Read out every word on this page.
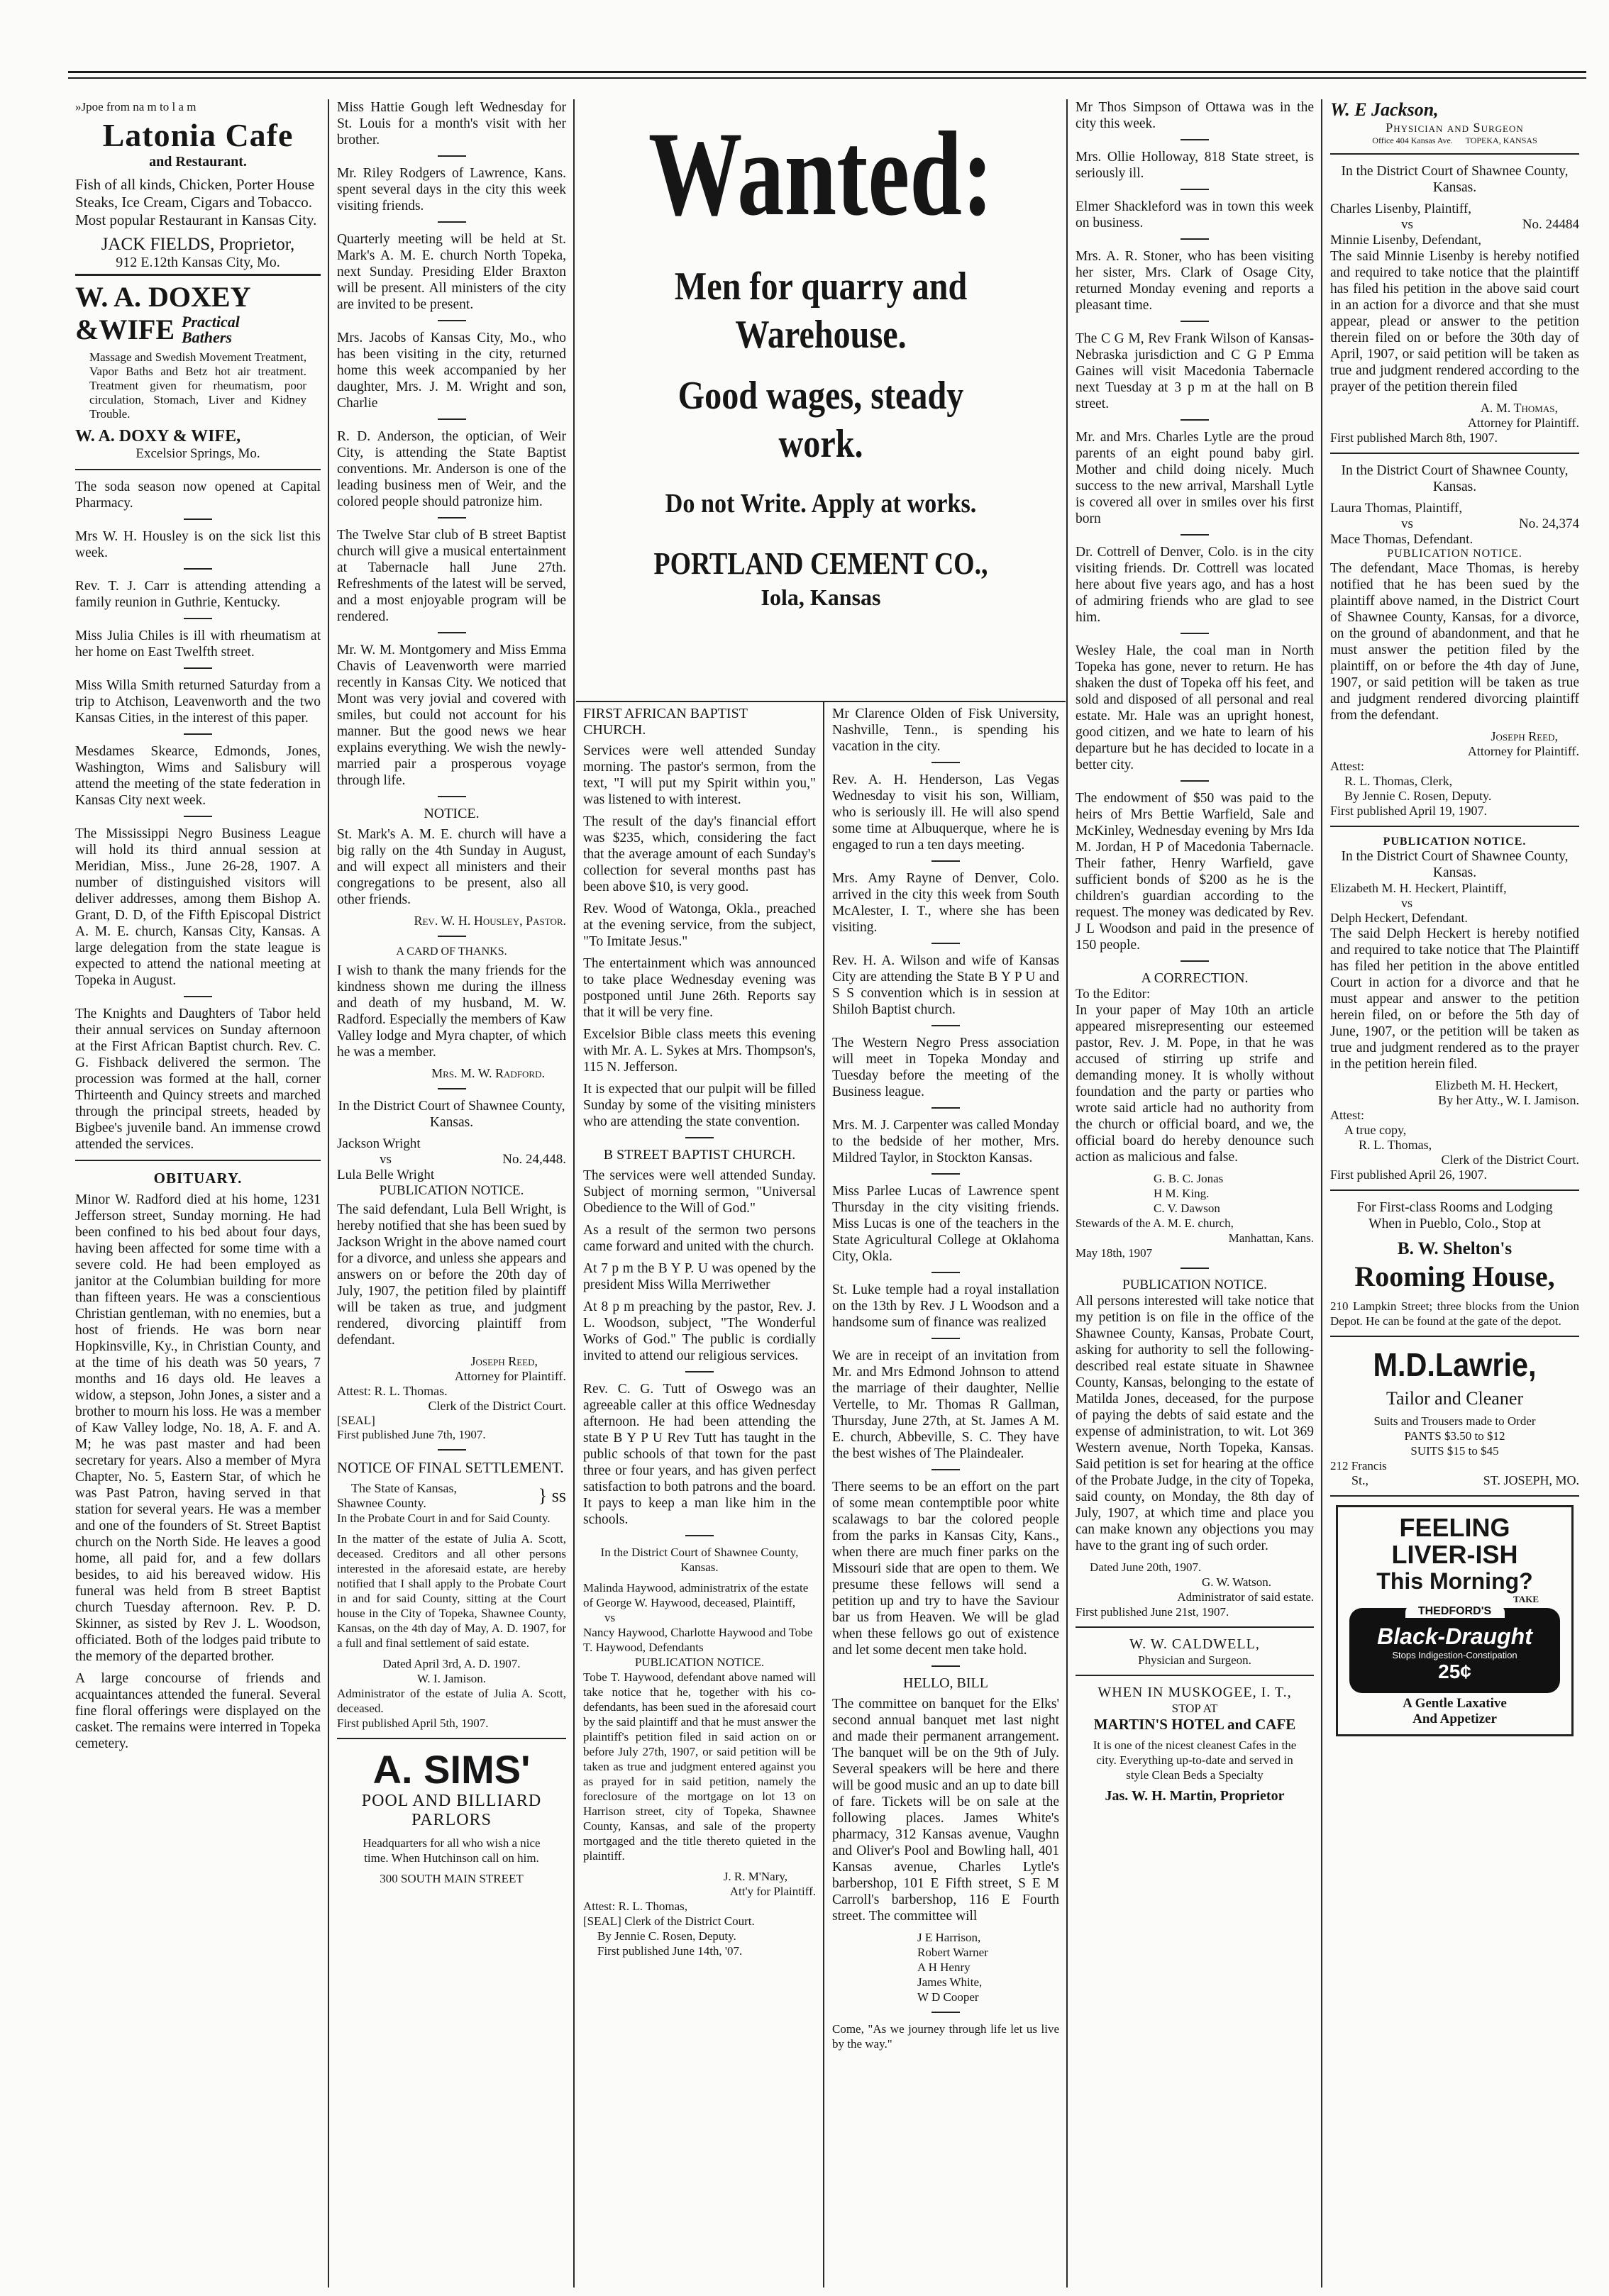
»Jpoe from na m to l a m

Latonia Cafe
and Restaurant.

Fish of all kinds, Chicken, Porter House Steaks, Ice Cream, Cigars and Tobacco. Most popular Restaurant in Kansas City.

JACK FIELDS, Proprietor,
912 E.12th Kansas City, Mo.
W. A. DOXEY
&WIFE Practical Bathers

Massage and Swedish Movement Treatment, Vapor Baths and Betz hot air treatment. Treatment given for rheumatism, poor circulation, Stomach, Liver and Kidney Trouble.

W. A. DOXY & WIFE,
Excelsior Springs, Mo.

The soda season now opened at Capital Pharmacy.

Mrs W. H. Housley is on the sick list this week.

Rev. T. J. Carr is attending attending a family reunion in Guthrie, Kentucky.

Miss Julia Chiles is ill with rheumatism at her home on East Twelfth street.

Miss Willa Smith returned Saturday from a trip to Atchison, Leavenworth and the two Kansas Cities, in the interest of this paper.

Mesdames Skearce, Edmonds, Jones, Washington, Wims and Salisbury will attend the meeting of the state federation in Kansas City next week.

The Mississippi Negro Business League will hold its third annual session at Meridian, Miss., June 26-28, 1907. A number of distinguished visitors will deliver addresses, among them Bishop A. Grant, D. D, of the Fifth Episcopal District A. M. E. church, Kansas City, Kansas. A large delegation from the state league is expected to attend the national meeting at Topeka in August.

The Knights and Daughters of Tabor held their annual services on Sunday afternoon at the First African Baptist church. Rev. C. G. Fishback delivered the sermon. The procession was formed at the hall, corner Thirteenth and Quincy streets and marched through the principal streets, headed by Bigbee's juvenile band. An immense crowd attended the services.

OBITUARY.

Minor W. Radford died at his home, 1231 Jefferson street, Sunday morning. He had been confined to his bed about four days, having been affected for some time with a severe cold. He had been employed as janitor at the Columbian building for more than fifteen years. He was a conscientious Christian gentleman, with no enemies, but a host of friends. He was born near Hopkinsville, Ky., in Christian County, and at the time of his death was 50 years, 7 months and 16 days old. He leaves a widow, a stepson, John Jones, a sister and a brother to mourn his loss. He was a member of Kaw Valley lodge, No. 18, A. F. and A. M; he was past master and had been secretary for years. Also a member of Myra Chapter, No. 5, Eastern Star, of which he was Past Patron, having served in that station for several years. He was a member and one of the founders of St. Street Baptist church on the North Side. He leaves a good home, all paid for, and a few dollars besides, to aid his bereaved widow. His funeral was held from B street Baptist church Tuesday afternoon. Rev. P. D. Skinner, as sisted by Rev J. L. Woodson, officiated. Both of the lodges paid tribute to the memory of the departed brother.

A large concourse of friends and acquaintances attended the funeral. Several fine floral offerings were displayed on the casket. The remains were interred in Topeka cemetery.

Miss Hattie Gough left Wednesday for St. Louis for a month's visit with her brother.

Mr. Riley Rodgers of Lawrence, Kans. spent several days in the city this week visiting friends.

Quarterly meeting will be held at St. Mark's A. M. E. church North Topeka, next Sunday. Presiding Elder Braxton will be present. All ministers of the city are invited to be present.

Mrs. Jacobs of Kansas City, Mo., who has been visiting in the city, returned home this week accompanied by her daughter, Mrs. J. M. Wright and son, Charlie

R. D. Anderson, the optician, of Weir City, is attending the State Baptist conventions. Mr. Anderson is one of the leading business men of Weir, and the colored people should patronize him.

The Twelve Star club of B street Baptist church will give a musical entertainment at Tabernacle hall June 27th. Refreshments of the latest will be served, and a most enjoyable program will be rendered.

Mr. W. M. Montgomery and Miss Emma Chavis of Leavenworth were married recently in Kansas City. We noticed that Mont was very jovial and covered with smiles, but could not account for his manner. But the good news we hear explains everything. We wish the newly-married pair a prosperous voyage through life.

NOTICE.

St. Mark's A. M. E. church will have a big rally on the 4th Sunday in August, and will expect all ministers and their congregations to be present, also all other friends.

Rev. W. H. Housley, Pastor.
A CARD OF THANKS.

I wish to thank the many friends for the kindness shown me during the illness and death of my husband, M. W. Radford. Especially the members of Kaw Valley lodge and Myra chapter, of which he was a member.

Mrs. M. W. Radford.

In the District Court of Shawnee County, Kansas.

Jackson Wright
vs	No. 24,448.
Lula Belle Wright
PUBLICATION NOTICE.

The said defendant, Lula Bell Wright, is hereby notified that she has been sued by Jackson Wright in the above named court for a divorce, and unless she appears and answers on or before the 20th day of July, 1907, the petition filed by plaintiff will be taken as true, and judgment rendered, divorcing plaintiff from defendant.

Joseph Reed,
Attorney for Plaintiff.
Attest: R. L. Thomas.
Clerk of the District Court.
[SEAL]
First published June 7th, 1907.
NOTICE OF FINAL SETTLEMENT.
The State of Kansas,
Shawnee County.	} ss

In the Probate Court in and for Said County.

In the matter of the estate of Julia A. Scott, deceased. Creditors and all other persons interested in the aforesaid estate, are hereby notified that I shall apply to the Probate Court in and for said County, sitting at the Court house in the City of Topeka, Shawnee County, Kansas, on the 4th day of May, A. D. 1907, for a full and final settlement of said estate.

Dated April 3rd, A. D. 1907.
W. I. Jamison.

Administrator of the estate of Julia A. Scott, deceased.

First published April 5th, 1907.
A. SIMS'
POOL AND BILLIARD
PARLORS

Headquarters for all who wish a nice time. When Hutchinson call on him.

300 SOUTH MAIN STREET
Wanted:
Men for quarry and Warehouse.
Good wages, steady work.
Do not Write. Apply at works.
PORTLAND CEMENT CO.,
Iola, Kansas
FIRST AFRICAN BAPTIST CHURCH.

Services were well attended Sunday morning. The pastor's sermon, from the text, "I will put my Spirit within you," was listened to with interest.

The result of the day's financial effort was $235, which, considering the fact that the average amount of each Sunday's collection for several months past has been above $10, is very good.

Rev. Wood of Watonga, Okla., preached at the evening service, from the subject, "To Imitate Jesus."

The entertainment which was announced to take place Wednesday evening was postponed until June 26th. Reports say that it will be very fine.

Excelsior Bible class meets this evening with Mr. A. L. Sykes at Mrs. Thompson's, 115 N. Jefferson.

It is expected that our pulpit will be filled Sunday by some of the visiting ministers who are attending the state convention.

B STREET BAPTIST CHURCH.

The services were well attended Sunday. Subject of morning sermon, "Universal Obedience to the Will of God."

As a result of the sermon two persons came forward and united with the church.

At 7 p m the B Y P. U was opened by the president Miss Willa Merriwether

At 8 p m preaching by the pastor, Rev. J. L. Woodson, subject, "The Wonderful Works of God." The public is cordially invited to attend our religious services.

Rev. C. G. Tutt of Oswego was an agreeable caller at this office Wednesday afternoon. He had been attending the state B Y P U Rev Tutt has taught in the public schools of that town for the past three or four years, and has given perfect satisfaction to both patrons and the board. It pays to keep a man like him in the schools.

In the District Court of Shawnee County, Kansas.

Malinda Haywood, administratrix of the estate of George W. Haywood, deceased, Plaintiff,

vs

Nancy Haywood, Charlotte Haywood and Tobe T. Haywood, Defendants

PUBLICATION NOTICE.

Tobe T. Haywood, defendant above named will take notice that he, together with his co-defendants, has been sued in the aforesaid court by the said plaintiff and that he must answer the plaintiff's petition filed in said action on or before July 27th, 1907, or said petition will be taken as true and judgment entered against you as prayed for in said petition, namely the foreclosure of the mortgage on lot 13 on Harrison street, city of Topeka, Shawnee County, Kansas, and sale of the property mortgaged and the title thereto quieted in the plaintiff.

J. R. M'Nary,
Att'y for Plaintiff.
Attest: R. L. Thomas,
[SEAL] Clerk of the District Court.
By Jennie C. Rosen, Deputy.
First published June 14th, '07.

Mr Clarence Olden of Fisk University, Nashville, Tenn., is spending his vacation in the city.

Rev. A. H. Henderson, Las Vegas Wednesday to visit his son, William, who is seriously ill. He will also spend some time at Albuquerque, where he is engaged to run a ten days meeting.

Mrs. Amy Rayne of Denver, Colo. arrived in the city this week from South McAlester, I. T., where she has been visiting.

Rev. H. A. Wilson and wife of Kansas City are attending the State B Y P U and S S convention which is in session at Shiloh Baptist church.

The Western Negro Press association will meet in Topeka Monday and Tuesday before the meeting of the Business league.

Mrs. M. J. Carpenter was called Monday to the bedside of her mother, Mrs. Mildred Taylor, in Stockton Kansas.

Miss Parlee Lucas of Lawrence spent Thursday in the city visiting friends. Miss Lucas is one of the teachers in the State Agricultural College at Oklahoma City, Okla.

St. Luke temple had a royal installation on the 13th by Rev. J L Woodson and a handsome sum of finance was realized

We are in receipt of an invitation from Mr. and Mrs Edmond Johnson to attend the marriage of their daughter, Nellie Vertelle, to Mr. Thomas R Gallman, Thursday, June 27th, at St. James A M. E. church, Abbeville, S. C. They have the best wishes of The Plaindealer.

There seems to be an effort on the part of some mean contemptible poor white scalawags to bar the colored people from the parks in Kansas City, Kans., when there are much finer parks on the Missouri side that are open to them. We presume these fellows will send a petition up and try to have the Saviour bar us from Heaven. We will be glad when these fellows go out of existence and let some decent men take hold.

HELLO, BILL

The committee on banquet for the Elks' second annual banquet met last night and made their permanent arrangement. The banquet will be on the 9th of July. Several speakers will be here and there will be good music and an up to date bill of fare. Tickets will be on sale at the following places. James White's pharmacy, 312 Kansas avenue, Vaughn and Oliver's Pool and Bowling hall, 401 Kansas avenue, Charles Lytle's barbershop, 101 E Fifth street, S E M Carroll's barbershop, 116 E Fourth street. The committee will

J E Harrison,
Robert Warner
A H Henry
James White,
W D Cooper

Come, "As we journey through life let us live by the way."

Mr Thos Simpson of Ottawa was in the city this week.

Mrs. Ollie Holloway, 818 State street, is seriously ill.

Elmer Shackleford was in town this week on business.

Mrs. A. R. Stoner, who has been visiting her sister, Mrs. Clark of Osage City, returned Monday evening and reports a pleasant time.

The C G M, Rev Frank Wilson of Kansas-Nebraska jurisdiction and C G P Emma Gaines will visit Macedonia Tabernacle next Tuesday at 3 p m at the hall on B street.

Mr. and Mrs. Charles Lytle are the proud parents of an eight pound baby girl. Mother and child doing nicely. Much success to the new arrival, Marshall Lytle is covered all over in smiles over his first born

Dr. Cottrell of Denver, Colo. is in the city visiting friends. Dr. Cottrell was located here about five years ago, and has a host of admiring friends who are glad to see him.

Wesley Hale, the coal man in North Topeka has gone, never to return. He has shaken the dust of Topeka off his feet, and sold and disposed of all personal and real estate. Mr. Hale was an upright honest, good citizen, and we hate to learn of his departure but he has decided to locate in a better city.

The endowment of $50 was paid to the heirs of Mrs Bettie Warfield, Sale and McKinley, Wednesday evening by Mrs Ida M. Jordan, H P of Macedonia Tabernacle. Their father, Henry Warfield, gave sufficient bonds of $200 as he is the children's guardian according to the request. The money was dedicated by Rev. J L Woodson and paid in the presence of 150 people.

A CORRECTION.
To the Editor:

In your paper of May 10th an article appeared misrepresenting our esteemed pastor, Rev. J. M. Pope, in that he was accused of stirring up strife and demanding money. It is wholly without foundation and the party or parties who wrote said article had no authority from the church or official board, and we, the official board do hereby denounce such action as malicious and false.

G. B. C. Jonas
H M. King.
C. V. Dawson
Stewards of the A. M. E. church,
Manhattan, Kans.
May 18th, 1907
PUBLICATION NOTICE.

All persons interested will take notice that my petition is on file in the office of the Shawnee County, Kansas, Probate Court, asking for authority to sell the following-described real estate situate in Shawnee County, Kansas, belonging to the estate of Matilda Jones, deceased, for the purpose of paying the debts of said estate and the expense of administration, to wit. Lot 369 Western avenue, North Topeka, Kansas. Said petition is set for hearing at the office of the Probate Judge, in the city of Topeka, said county, on Monday, the 8th day of July, 1907, at which time and place you can make known any objections you may have to the grant ing of such order.

Dated June 20th, 1907.
G. W. Watson.
Administrator of said estate.
First published June 21st, 1907.
W. W. CALDWELL,
Physician and Surgeon.
WHEN IN MUSKOGEE, I. T.,
STOP AT
MARTIN'S HOTEL and CAFE

It is one of the nicest cleanest Cafes in the city. Everything up-to-date and served in style Clean Beds a Specialty

Jas. W. H. Martin, Proprietor
W. E Jackson,
Physician and Surgeon
Office 404 Kansas Ave.      TOPEKA, KANSAS

In the District Court of Shawnee County, Kansas.

Charles Lisenby, Plaintiff,
vs	No. 24484
Minnie Lisenby, Defendant,

The said Minnie Lisenby is hereby notified and required to take notice that the plaintiff has filed his petition in the above said court in an action for a divorce and that she must appear, plead or answer to the petition therein filed on or before the 30th day of April, 1907, or said petition will be taken as true and judgment rendered according to the prayer of the petition therein filed

A. M. Thomas,
Attorney for Plaintiff.
First published March 8th, 1907.

In the District Court of Shawnee County, Kansas.

Laura Thomas, Plaintiff,
vs	No. 24,374
Mace Thomas, Defendant.
PUBLICATION NOTICE.

The defendant, Mace Thomas, is hereby notified that he has been sued by the plaintiff above named, in the District Court of Shawnee County, Kansas, for a divorce, on the ground of abandonment, and that he must answer the petition filed by the plaintiff, on or before the 4th day of June, 1907, or said petition will be taken as true and judgment rendered divorcing plaintiff from the defendant.

Joseph Reed,
Attorney for Plaintiff.
Attest:
R. L. Thomas, Clerk,
By Jennie C. Rosen, Deputy.
First published April 19, 1907.
PUBLICATION NOTICE.

In the District Court of Shawnee County, Kansas.

Elizabeth M. H. Heckert, Plaintiff,
vs
Delph Heckert, Defendant.

The said Delph Heckert is hereby notified and required to take notice that The Plaintiff has filed her petition in the above entitled Court in action for a divorce and that he must appear and answer to the petition herein filed, on or before the 5th day of June, 1907, or the petition will be taken as true and judgment rendered as to the prayer in the petition herein filed.

Elizbeth M. H. Heckert,
By her Atty., W. I. Jamison.
Attest:
A true copy,
R. L. Thomas,
Clerk of the District Court.
First published April 26, 1907.

For First-class Rooms and Lodging When in Pueblo, Colo., Stop at

B. W. Shelton's
Rooming House,

210 Lampkin Street; three blocks from the Union Depot. He can be found at the gate of the depot.

M.D.Lawrie,
Tailor and Cleaner
Suits and Trousers made to Order
PANTS $3.50 to $12
SUITS $15 to $45
212 Francis
St.,	ST. JOSEPH, MO.
FEELING
LIVER-ISH
This Morning?
TAKE
THEDFORD'S
Black-Draught
Stops Indigestion-Constipation
25¢
A Gentle Laxative
And Appetizer
